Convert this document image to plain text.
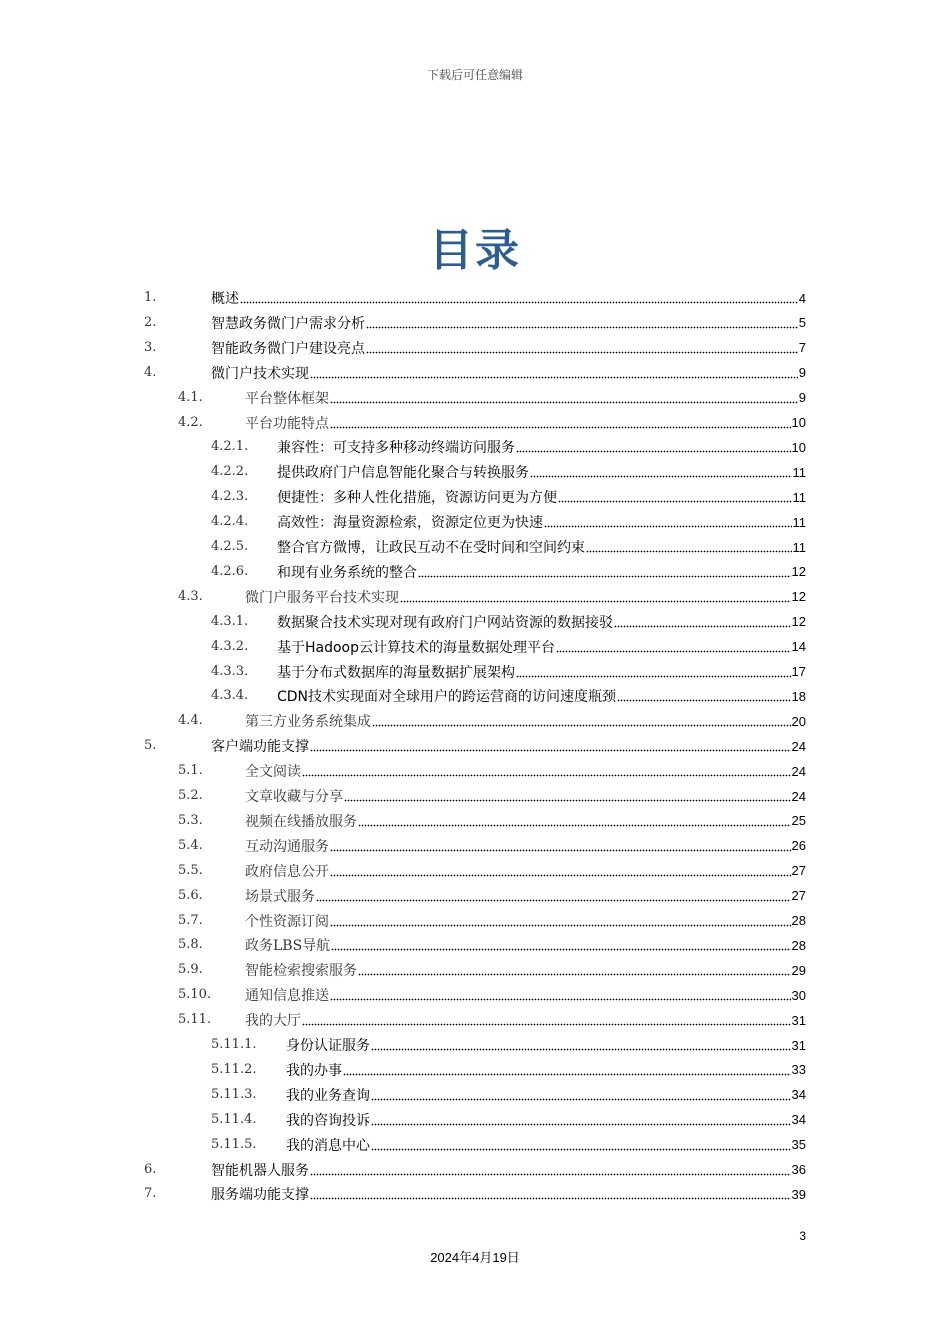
下载后可任意编辑
目录
1.	概述	4
2.	智慧政务微门户需求分析	5
3.	智能政务微门户建设亮点	7
4.	微门户技术实现	9
4.1.	平台整体框架	9
4.2.	平台功能特点	10
4.2.1. 兼容性：可支持多种移动终端访问服务	10
4.2.2. 提供政府门户信息智能化聚合与转换服务	11
4.2.3. 便捷性：多种人性化措施，资源访问更为方便	11
4.2.4. 高效性：海量资源检索，资源定位更为快速	11
4.2.5. 整合官方微博，让政民互动不在受时间和空间约束	11
4.2.6. 和现有业务系统的整合	12
4.3.	微门户服务平台技术实现	12
4.3.1. 数据聚合技术实现对现有政府门户网站资源的数据接驳	12
4.3.2. 基于Hadoop云计算技术的海量数据处理平台	14
4.3.3. 基于分布式数据库的海量数据扩展架构	17
4.3.4. CDN技术实现面对全球用户的跨运营商的访问速度瓶颈	18
4.4.	第三方业务系统集成	20
5.	客户端功能支撑	24
5.1.	全文阅读	24
5.2.	文章收藏与分享	24
5.3.	视频在线播放服务	25
5.4.	互动沟通服务	26
5.5.	政府信息公开	27
5.6.	场景式服务	27
5.7.	个性资源订阅	28
5.8.	政务LBS导航	28
5.9.	智能检索搜索服务	29
5.10. 通知信息推送	30
5.11. 我的大厅	31
5.11.1. 身份认证服务	31
5.11.2. 我的办事	33
5.11.3. 我的业务查询	34
5.11.4. 我的咨询投诉	34
5.11.5. 我的消息中心	35
6.	智能机器人服务	36
7.	服务端功能支撑	39
3
2024年4月19日
